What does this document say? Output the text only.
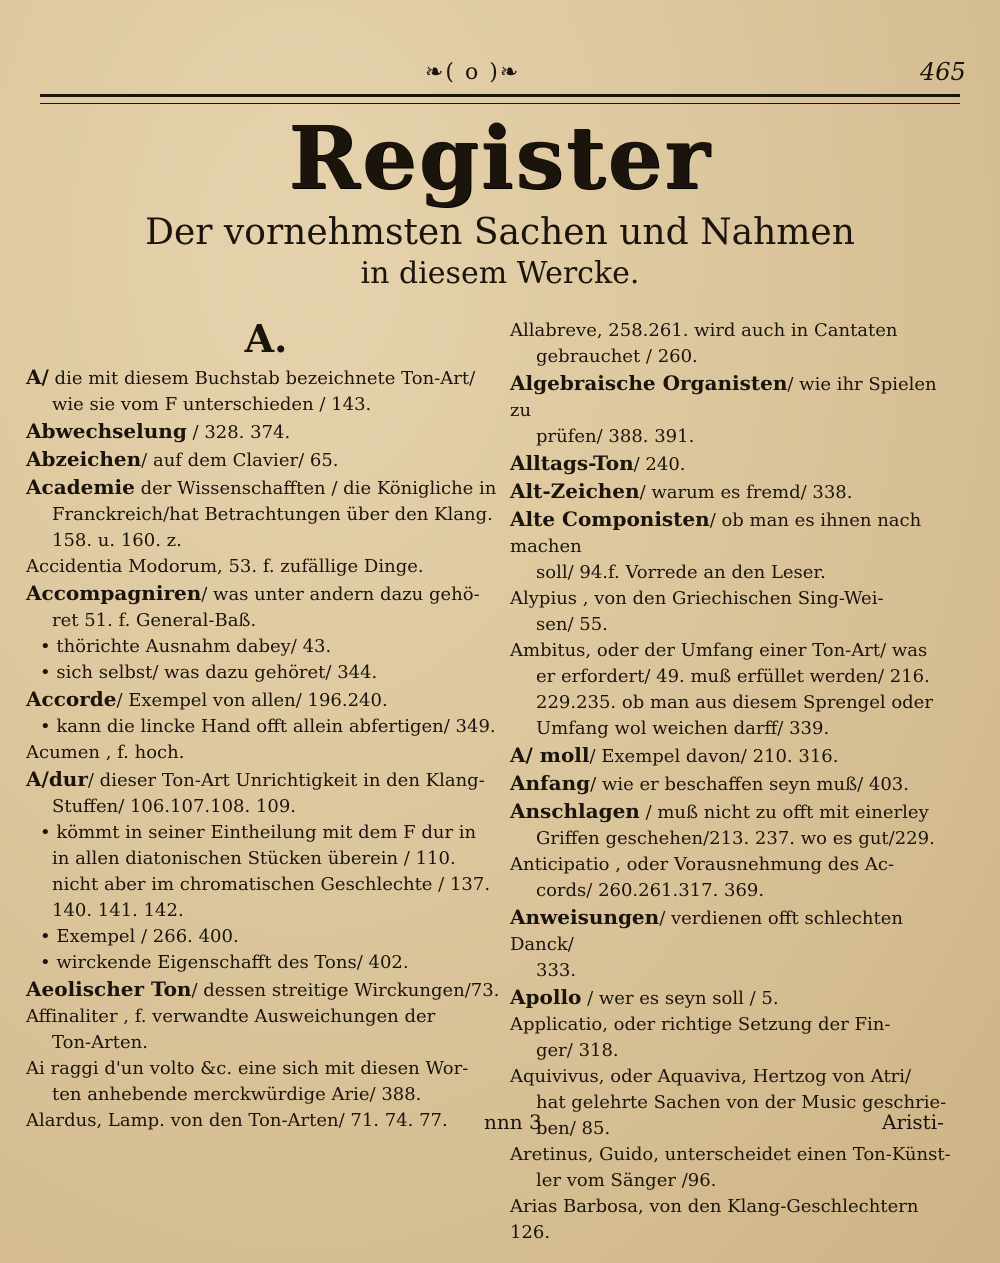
❧( o )❧	465
Register
Der vornehmsten Sachen und Nahmen
in diesem Wercke.
A.
A/ die mit diesem Buchstab bezeichnete Ton-Art/
wie sie vom F unterschieden / 143.
Abwechselung / 328. 374.
Abzeichen/ auf dem Clavier/ 65.
Academie der Wissenschafften / die Königliche in
Franckreich/hat Betrachtungen über den Klang.
158. u. 160. z.
Accidentia Modorum, 53. f. zufällige Dinge.
Accompagniren/ was unter andern dazu gehö-
ret 51. f. General-Baß.
• thörichte Ausnahm dabey/ 43.
• sich selbst/ was dazu gehöret/ 344.
Accorde/ Exempel von allen/ 196.240.
• kann die lincke Hand offt allein abfertigen/ 349.
Acumen , f. hoch.
A/dur/ dieser Ton-Art Unrichtigkeit in den Klang-
Stuffen/ 106.107.108. 109.
• kömmt in seiner Eintheilung mit dem F dur in
in allen diatonischen Stücken überein / 110.
nicht aber im chromatischen Geschlechte / 137.
140. 141. 142.
• Exempel / 266. 400.
• wirckende Eigenschafft des Tons/ 402.
Aeolischer Ton/ dessen streitige Wirckungen/73.
Affinaliter , f. verwandte Ausweichungen der
Ton-Arten.
Ai raggi d'un volto &c. eine sich mit diesen Wor-
ten anhebende merckwürdige Arie/ 388.
Alardus, Lamp. von den Ton-Arten/ 71. 74. 77.
Allabreve, 258.261. wird auch in Cantaten
gebrauchet / 260.
Algebraische Organisten/ wie ihr Spielen zu
prüfen/ 388. 391.
Alltags-Ton/ 240.
Alt-Zeichen/ warum es fremd/ 338.
Alte Componisten/ ob man es ihnen nach machen
soll/ 94.f. Vorrede an den Leser.
Alypius , von den Griechischen Sing-Wei-
sen/ 55.
Ambitus, oder der Umfang einer Ton-Art/ was
er erfordert/ 49. muß erfüllet werden/ 216.
229.235. ob man aus diesem Sprengel oder
Umfang wol weichen darff/ 339.
A/ moll/ Exempel davon/ 210. 316.
Anfang/ wie er beschaffen seyn muß/ 403.
Anschlagen / muß nicht zu offt mit einerley
Griffen geschehen/213. 237. wo es gut/229.
Anticipatio , oder Vorausnehmung des Ac-
cords/ 260.261.317. 369.
Anweisungen/ verdienen offt schlechten Danck/
333.
Apollo / wer es seyn soll / 5.
Applicatio, oder richtige Setzung der Fin-
ger/ 318.
Aquivivus, oder Aquaviva, Hertzog von Atri/
hat gelehrte Sachen von der Music geschrie-
ben/ 85.
Aretinus, Guido, unterscheidet einen Ton-Künst-
ler vom Sänger /96.
Arias Barbosa, von den Klang-Geschlechtern 126.
nnn 3	Aristi-
